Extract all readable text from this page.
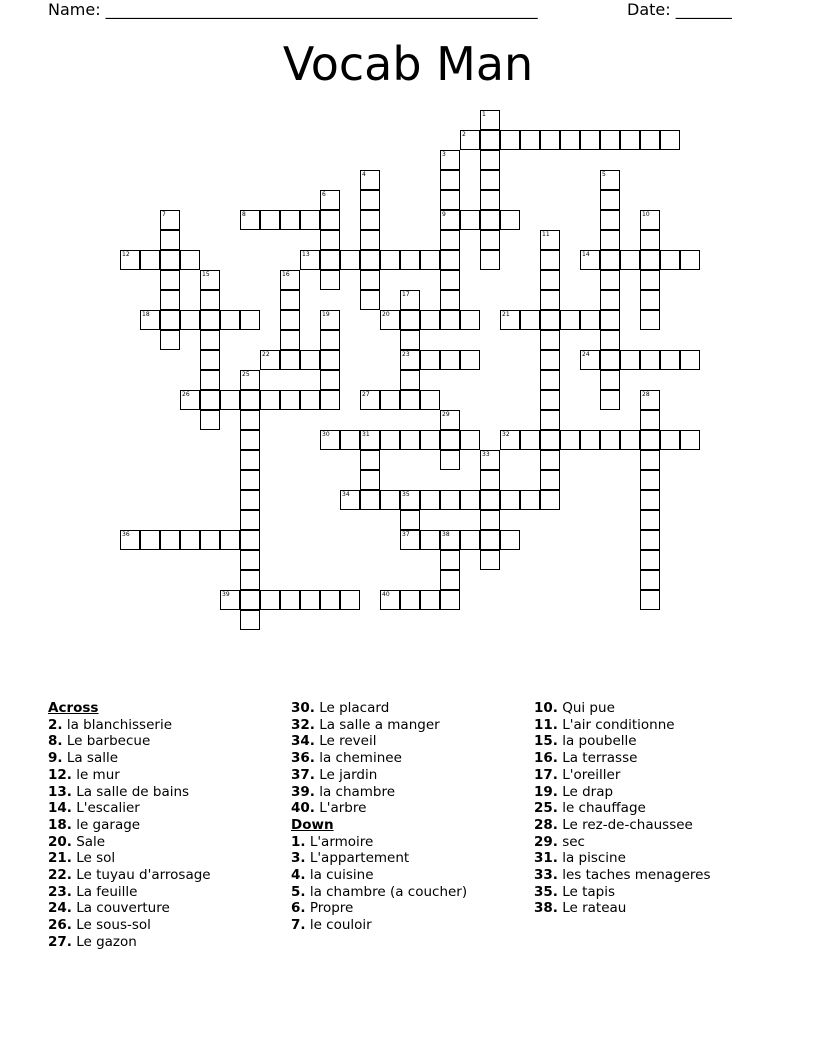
Name: ______________________________________________________	Date: _______
Vocab Man
1
2
3
9
4	5
6
7	8	10
11
12	13	14
15	16
17
23
18	19	20	21
22	24
25
26	27	28
29
30	31	32
33
34	35
37
36	38
39	40
Across
2. la blanchisserie
8. Le barbecue
9. La salle
12. le mur
13. La salle de bains
14. L'escalier
18. le garage
20. Sale
21. Le sol
22. Le tuyau d'arrosage
23. La feuille
24. La couverture
26. Le sous-sol
27. Le gazon
30. Le placard
32. La salle a manger
34. Le reveil
36. la cheminee
37. Le jardin
39. la chambre
40. L'arbre
Down
1. L'armoire
3. L'appartement
4. la cuisine
5. la chambre (a coucher)
6. Propre
7. le couloir
10. Qui pue
11. L'air conditionne
15. la poubelle
16. La terrasse
17. L'oreiller
19. Le drap
25. le chauffage
28. Le rez-de-chaussee
29. sec
31. la piscine
33. les taches menageres
35. Le tapis
38. Le rateau
